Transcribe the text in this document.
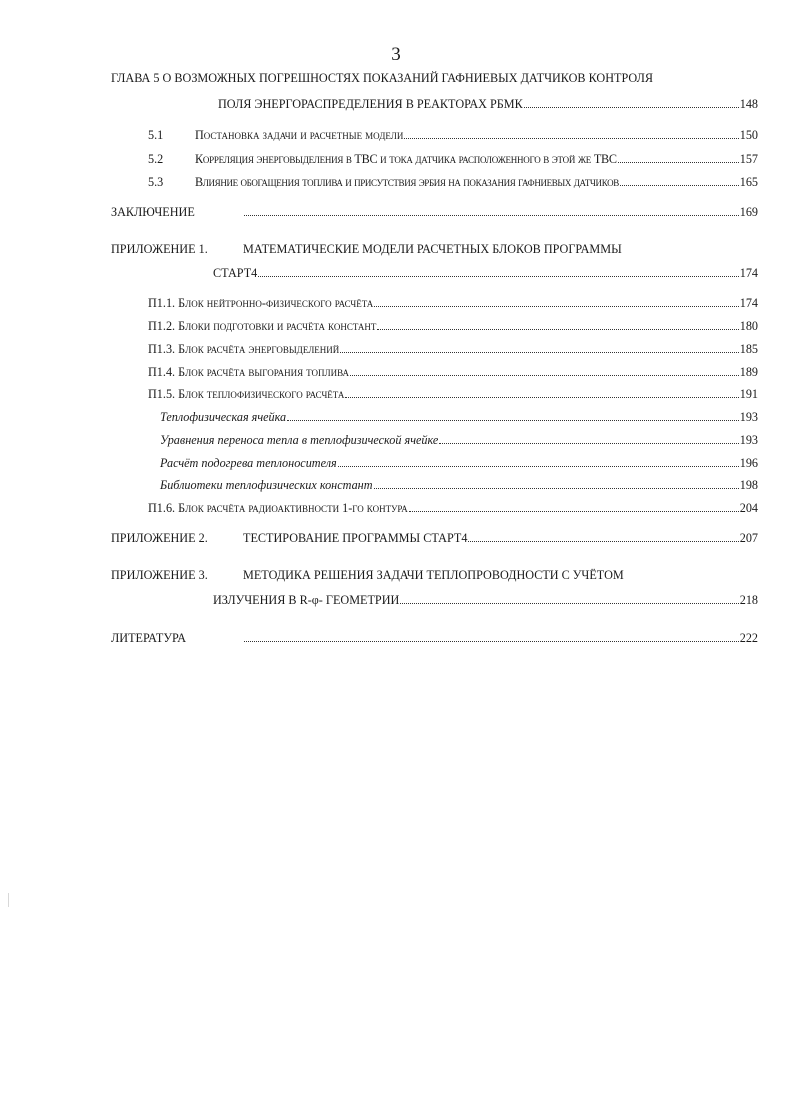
3
ГЛАВА 5 О ВОЗМОЖНЫХ ПОГРЕШНОСТЯХ ПОКАЗАНИЙ ГАФНИЕВЫХ ДАТЧИКОВ КОНТРОЛЯ
ПОЛЯ ЭНЕРГОРАСПРЕДЕЛЕНИЯ В РЕАКТОРАХ РБМК	148
5.1	Постановка задачи и расчетные модели	150
5.2	Корреляция энерговыделения в ТВС и тока датчика расположенного в этой же ТВС	157
5.3	Влияние обогащения топлива и присутствия эрбия на показания гафниевых датчиков	165
ЗАКЛЮЧЕНИЕ	169
ПРИЛОЖЕНИЕ 1.	МАТЕМАТИЧЕСКИЕ МОДЕЛИ РАСЧЕТНЫХ БЛОКОВ ПРОГРАММЫ
СТАРТ4	174
П1.1. Блок нейтронно-физического расчёта	174
П1.2. Блоки подготовки и расчёта констант	180
П1.3. Блок расчёта энерговыделений	185
П1.4. Блок расчёта выгорания топлива	189
П1.5. Блок теплофизического расчёта	191
Теплофизическая ячейка	193
Уравнения переноса тепла в теплофизической ячейке	193
Расчёт подогрева теплоносителя	196
Библиотеки теплофизических констант	198
П1.6. Блок расчёта радиоактивности 1-го контура	204
ПРИЛОЖЕНИЕ 2.	ТЕСТИРОВАНИЕ ПРОГРАММЫ СТАРТ4	207
ПРИЛОЖЕНИЕ 3.	МЕТОДИКА РЕШЕНИЯ ЗАДАЧИ ТЕПЛОПРОВОДНОСТИ С УЧЁТОМ
ИЗЛУЧЕНИЯ В R-φ- ГЕОМЕТРИИ	218
ЛИТЕРАТУРА	222
